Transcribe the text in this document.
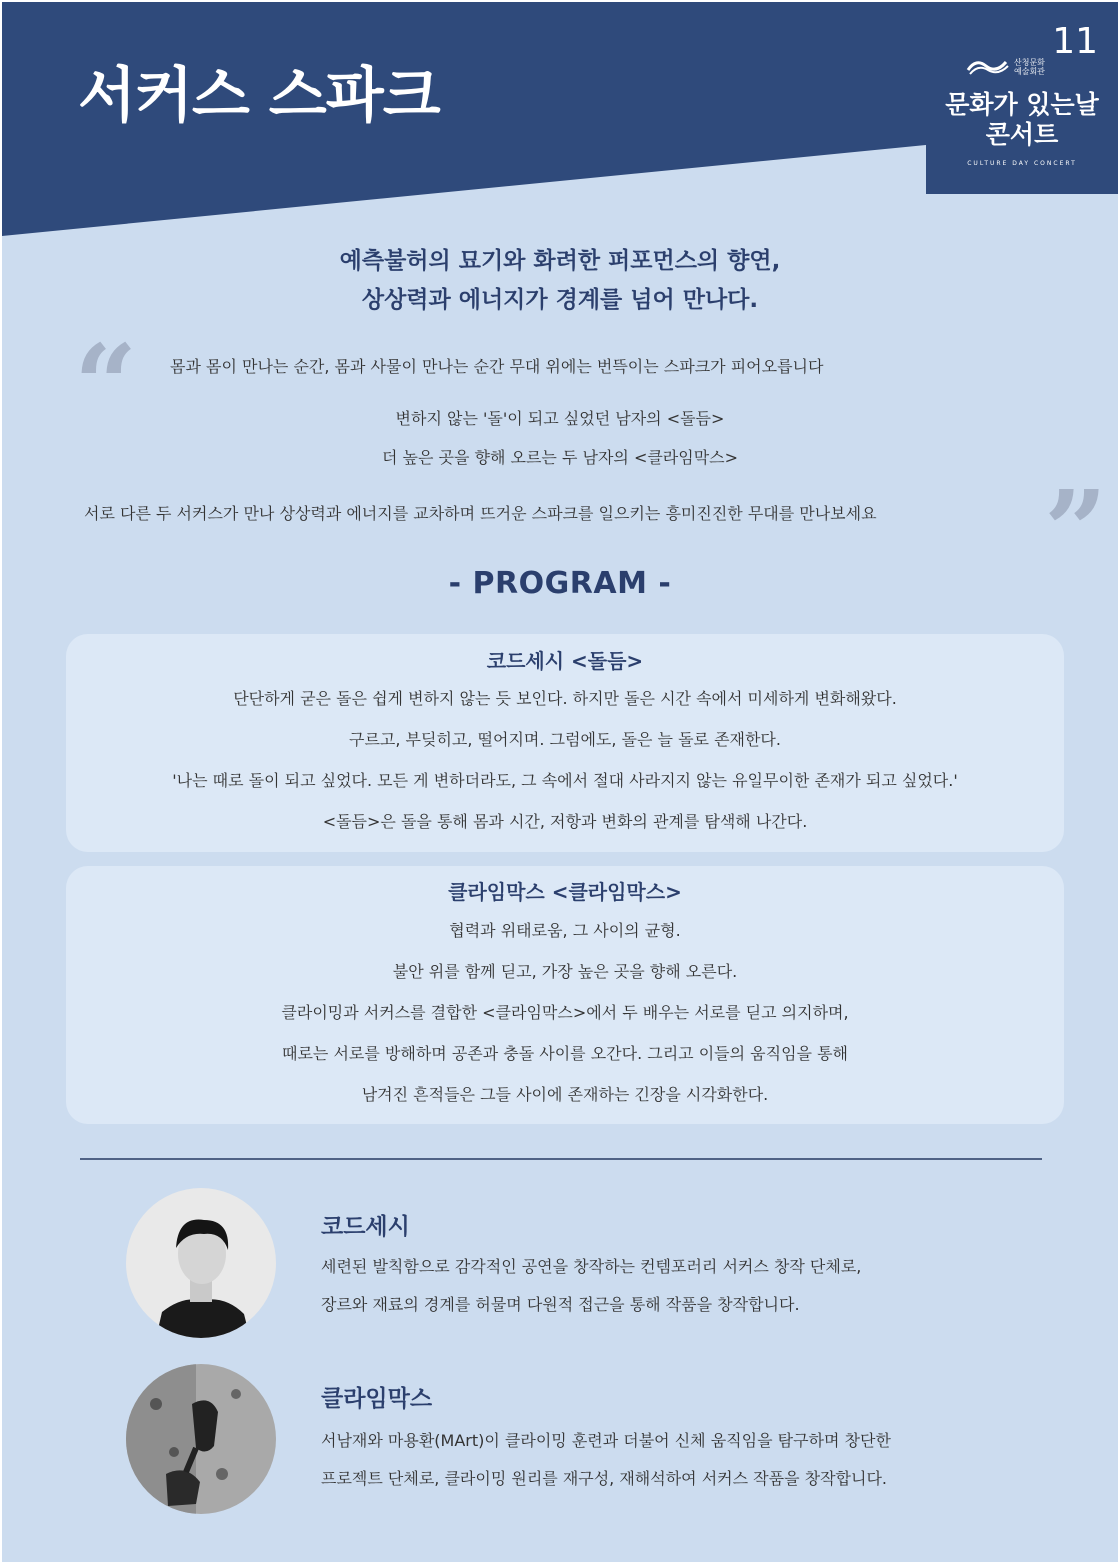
서커스 스파크
11
산청문화
예술회관
문화가 있는날
콘서트
CULTURE DAY CONCERT
예측불허의 묘기와 화려한 퍼포먼스의 향연,
상상력과 에너지가 경계를 넘어 만나다.
“ 몸과 몸이 만나는 순간, 몸과 사물이 만나는 순간 무대 위에는 번뜩이는 스파크가 피어오릅니다
변하지 않는 '돌'이 되고 싶었던 남자의 <돌듬>
더 높은 곳을 향해 오르는 두 남자의 <클라임막스>
서로 다른 두 서커스가 만나 상상력과 에너지를 교차하며 뜨거운 스파크를 일으키는 흥미진진한 무대를 만나보세요 ”
- PROGRAM -
코드세시 <돌듬>
단단하게 굳은 돌은 쉽게 변하지 않는 듯 보인다. 하지만 돌은 시간 속에서 미세하게 변화해왔다.
구르고, 부딪히고, 떨어지며. 그럼에도, 돌은 늘 돌로 존재한다.
'나는 때로 돌이 되고 싶었다. 모든 게 변하더라도, 그 속에서 절대 사라지지 않는 유일무이한 존재가 되고 싶었다.'
<돌듬>은 돌을 통해 몸과 시간, 저항과 변화의 관계를 탐색해 나간다.
클라임막스 <클라임막스>
협력과 위태로움, 그 사이의 균형.
불안 위를 함께 딛고, 가장 높은 곳을 향해 오른다.
클라이밍과 서커스를 결합한 <클라임막스>에서 두 배우는 서로를 딛고 의지하며,
때로는 서로를 방해하며 공존과 충돌 사이를 오간다. 그리고 이들의 움직임을 통해
남겨진 흔적들은 그들 사이에 존재하는 긴장을 시각화한다.
코드세시
세련된 발칙함으로 감각적인 공연을 창작하는 컨템포러리 서커스 창작 단체로,
장르와 재료의 경계를 허물며 다원적 접근을 통해 작품을 창작합니다.
클라임막스
서남재와 마용환(MArt)이 클라이밍 훈련과 더불어 신체 움직임을 탐구하며 창단한
프로젝트 단체로, 클라이밍 원리를 재구성, 재해석하여 서커스 작품을 창작합니다.
